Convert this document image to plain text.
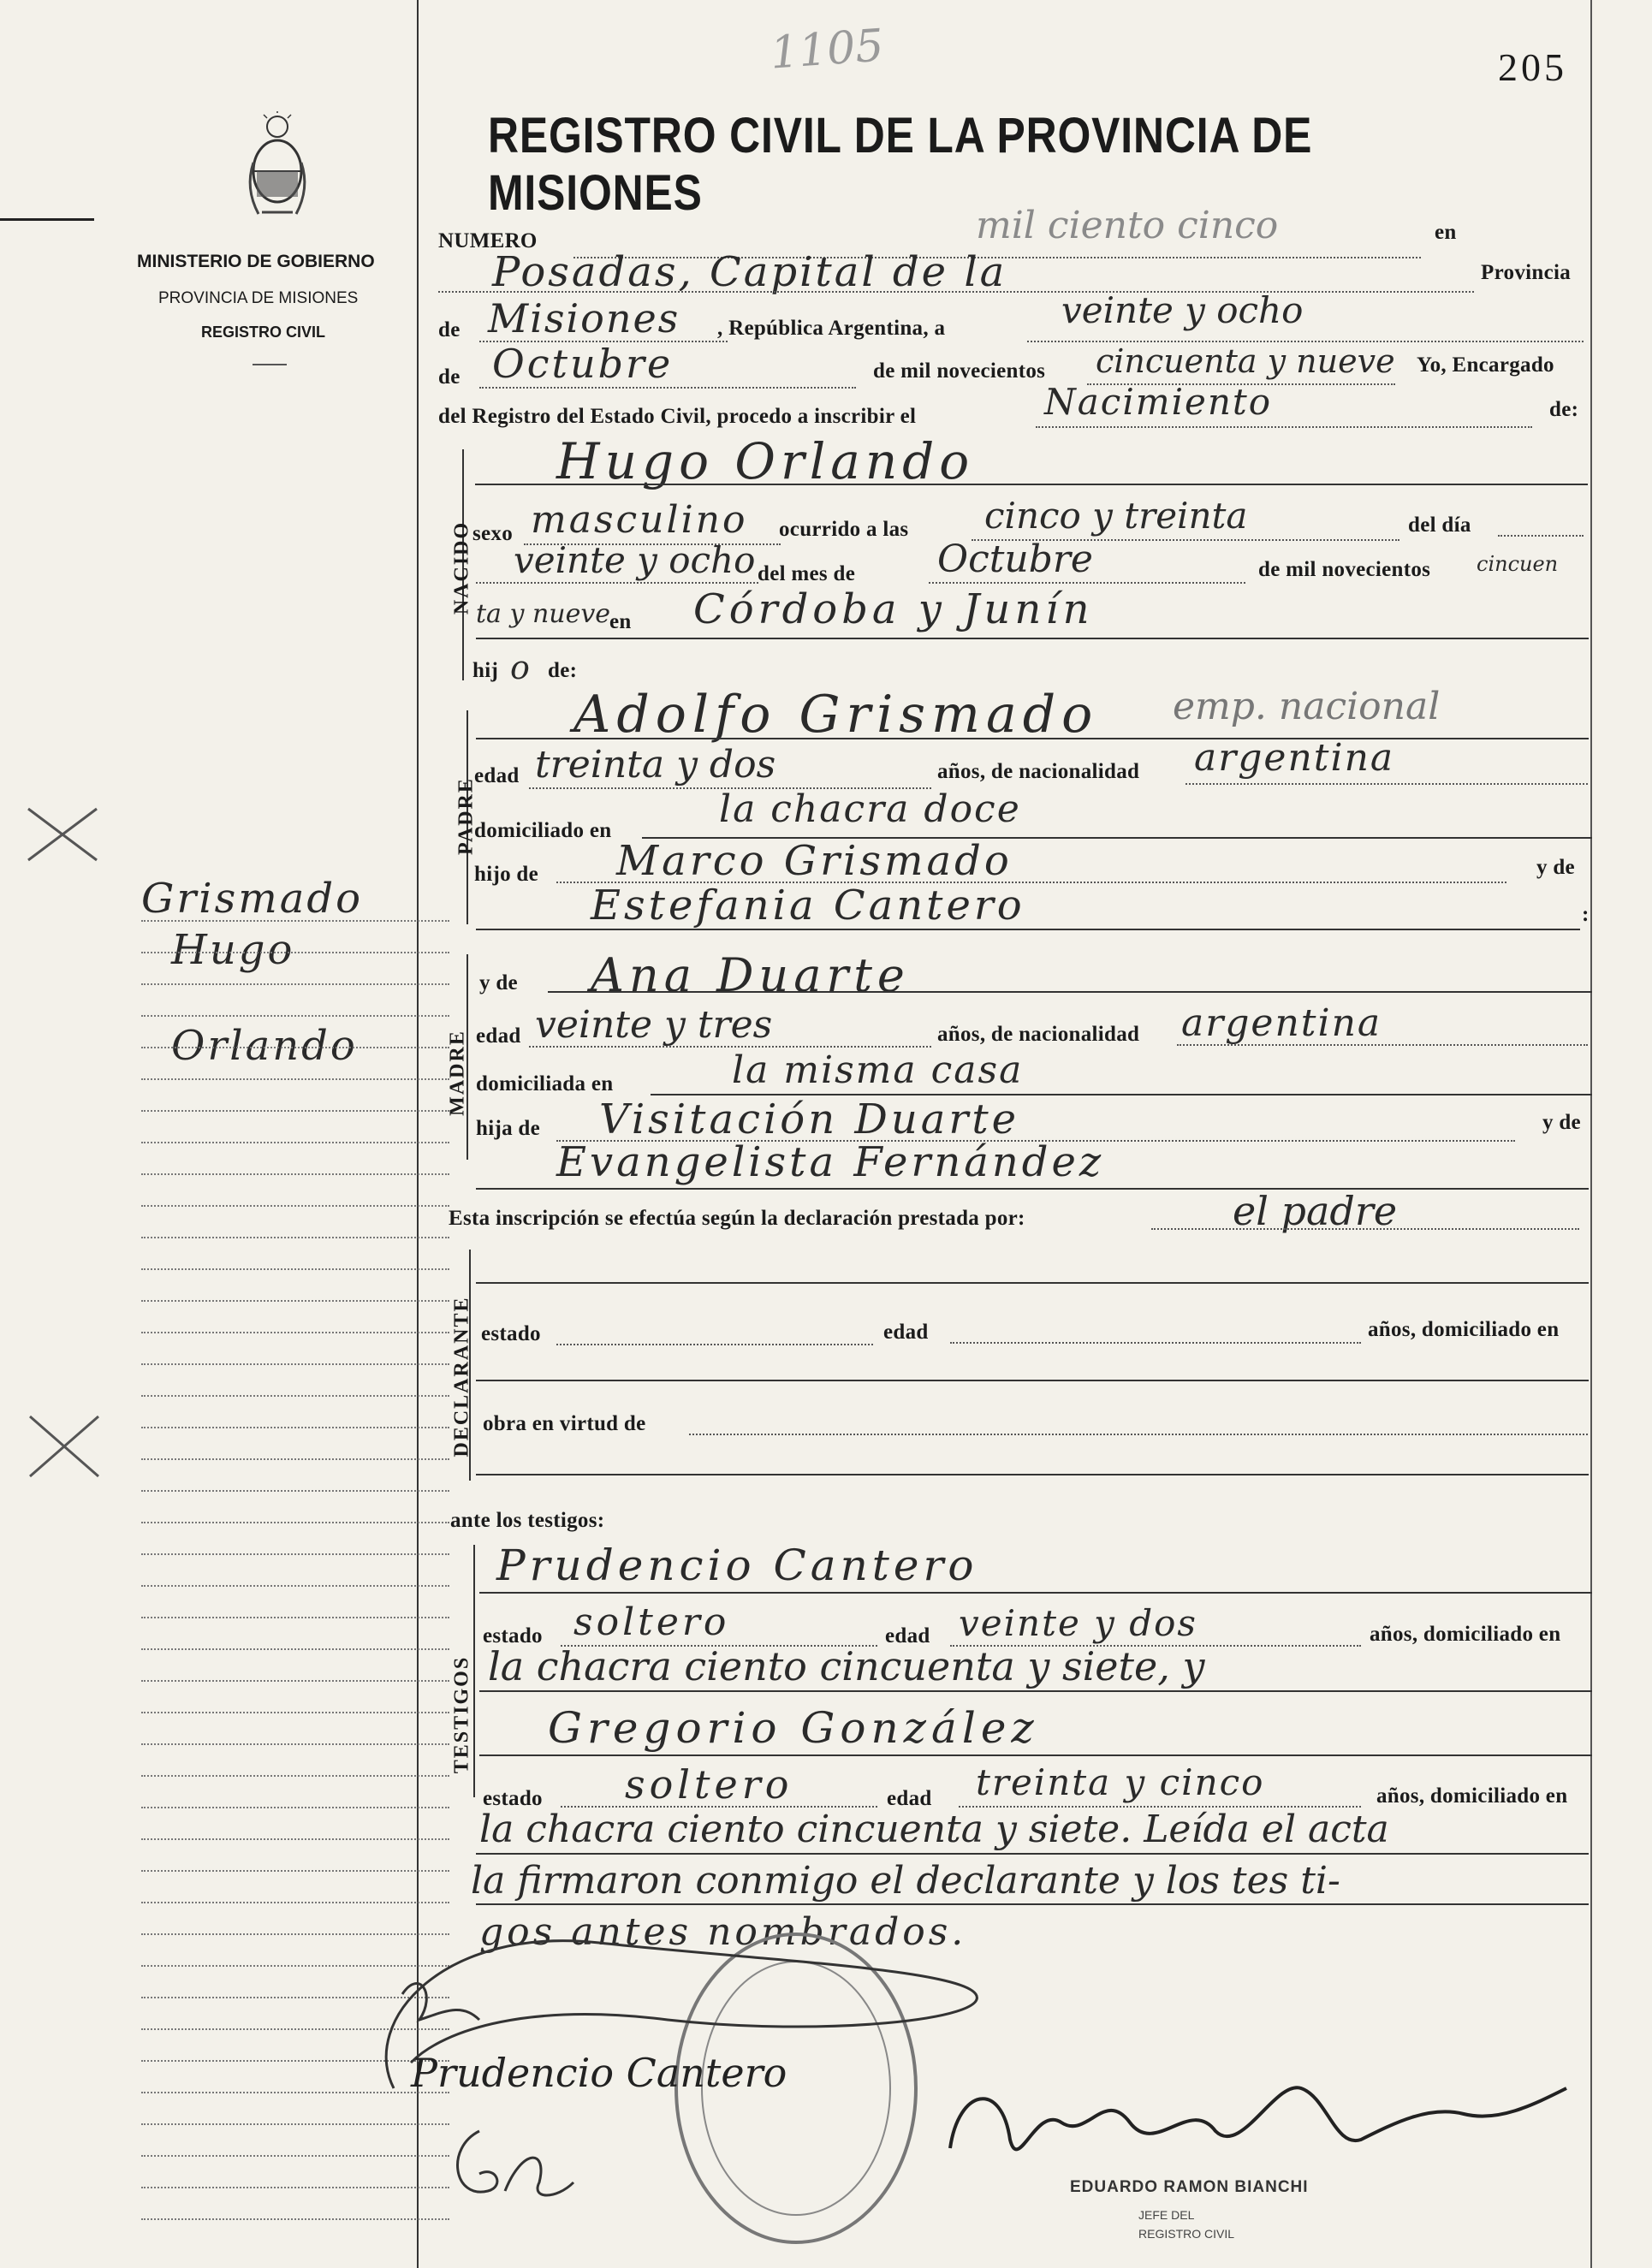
1105	205
MINISTERIO DE GOBIERNO
PROVINCIA DE MISIONES
REGISTRO CIVIL
Grismado
Hugo
Orlando
REGISTRO CIVIL DE LA PROVINCIA DE MISIONES
NUMERO	mil ciento cinco	en
Posadas, Capital de la	Provincia
de Misiones , República Argentina, a	veinte y ocho
de Octubre	de mil novecientos cincuenta y nueve Yo, Encargado
del Registro del Estado Civil, procedo a inscribir el	Nacimiento	de:
NACIDO
Hugo Orlando
sexo masculino ocurrido a las cinco y treinta	del día
veinte y ocho del mes de Octubre	de mil novecientos cincuen
ta y nueve
en Córdoba y Junín
hij o de:
PADRE
Adolfo Grismado emp. nacional
edad treinta y dos	años, de nacionalidad argentina
domiciliado en	la chacra doce
hijo de Marco Grismado	y de
Estefania Cantero	:
MADRE
y de Ana Duarte
edad veinte y tres	años, de nacionalidad argentina
domiciliada en	la misma casa
hija de Visitación Duarte	y de
Evangelista Fernández
Esta inscripción se efectúa según la declaración prestada por:	el padre
DECLARANTE estado	edad	años, domiciliado en
obra en virtud de
ante los testigos:
TESTIGOS
Prudencio Cantero
estado soltero	edad veinte y dos	años, domiciliado en
la chacra ciento cincuenta y siete, y
Gregorio González
estado soltero	edad treinta y cinco	años, domiciliado en
la chacra ciento cincuenta y siete. Leída el acta
la firmaron conmigo el declarante y los tes ti-
gos antes nombrados.
Prudencio Cantero
EDUARDO RAMON BIANCHI
JEFE DEL
REGISTRO CIVIL
